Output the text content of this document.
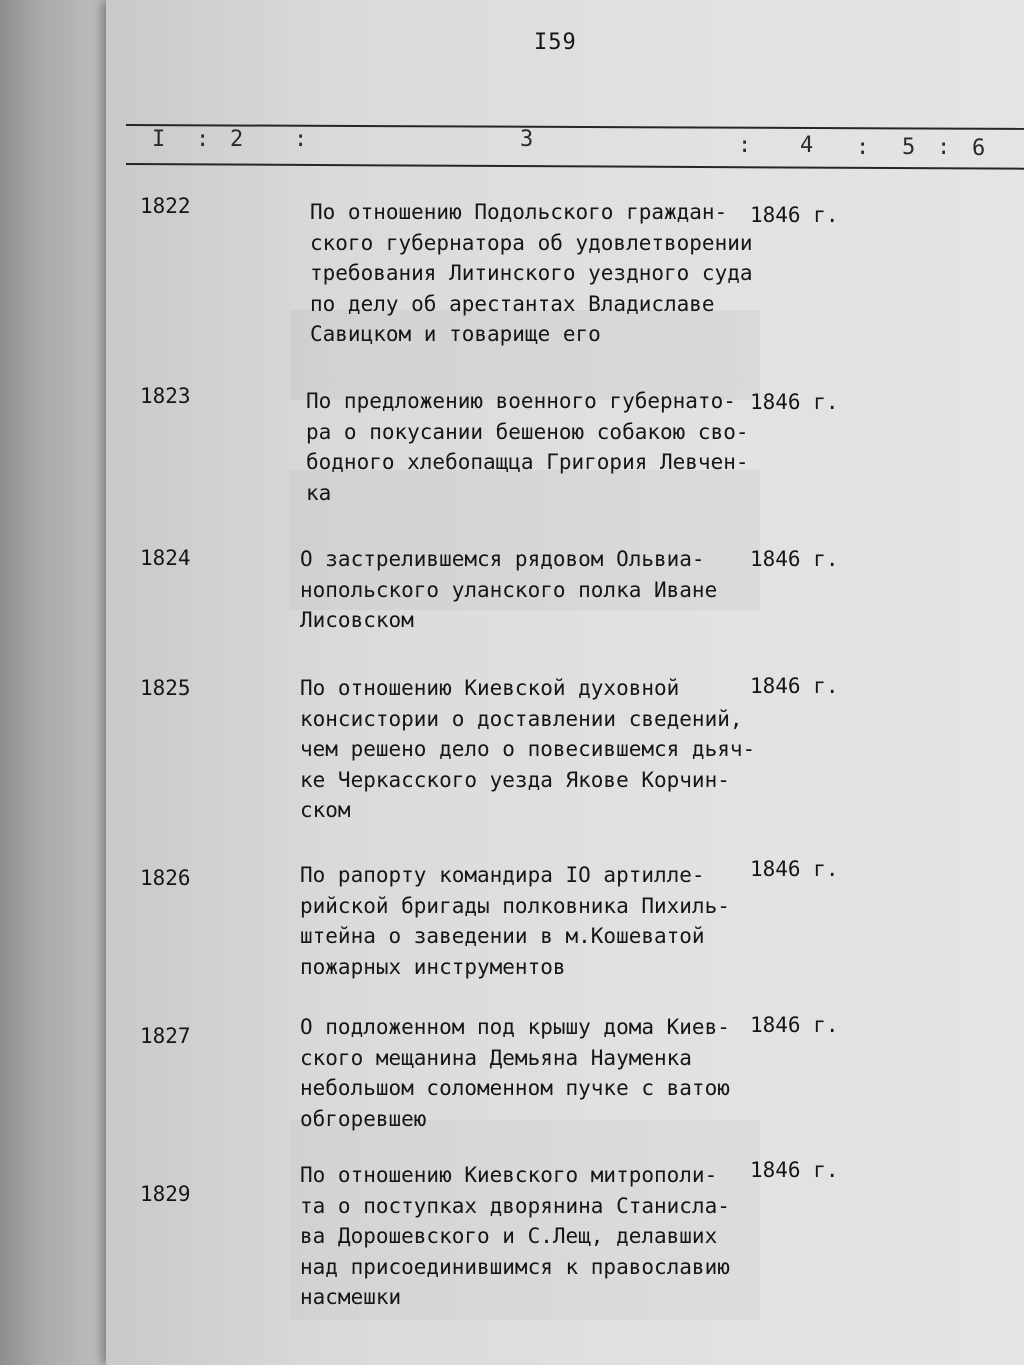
I59
I : 2 :	3	: 4 : 5 : 6
1822	По отношению Подольского граждан-
ского губернатора об удовлетворении
требования Литинского уездного суда
по делу об арестантах Владиславе
Савицком и товарище его
1846 г.
1823	По предложению военного губернато-
ра о покусании бешеною собакою сво-
бодного хлебопащца Григория Левчен-
ка
1846 г.
1824	О застрелившемся рядовом Ольвиа-
нопольского уланского полка Иване
Лисовском
1846 г.
1825	По отношению Киевской духовной
консистории о доставлении сведений,
чем решено дело о повесившемся дьяч-
ке Черкасского уезда Якове Корчин-
ском
1846 г.
1826	По рапорту командира IO артилле-
рийской бригады полковника Пихиль-
штейна о заведении в м.Кошеватой
пожарных инструментов
1846 г.
1827	О подложенном под крышу дома Киев-
ского мещанина Демьяна Науменка
небольшом соломенном пучке с ватою
обгоревшею
1846 г.
1829
По отношению Киевского митрополи-
та о поступках дворянина Станисла-
ва Дорошевского и С.Лещ, делавших
над присоединившимся к православию
насмешки
1846 г.
